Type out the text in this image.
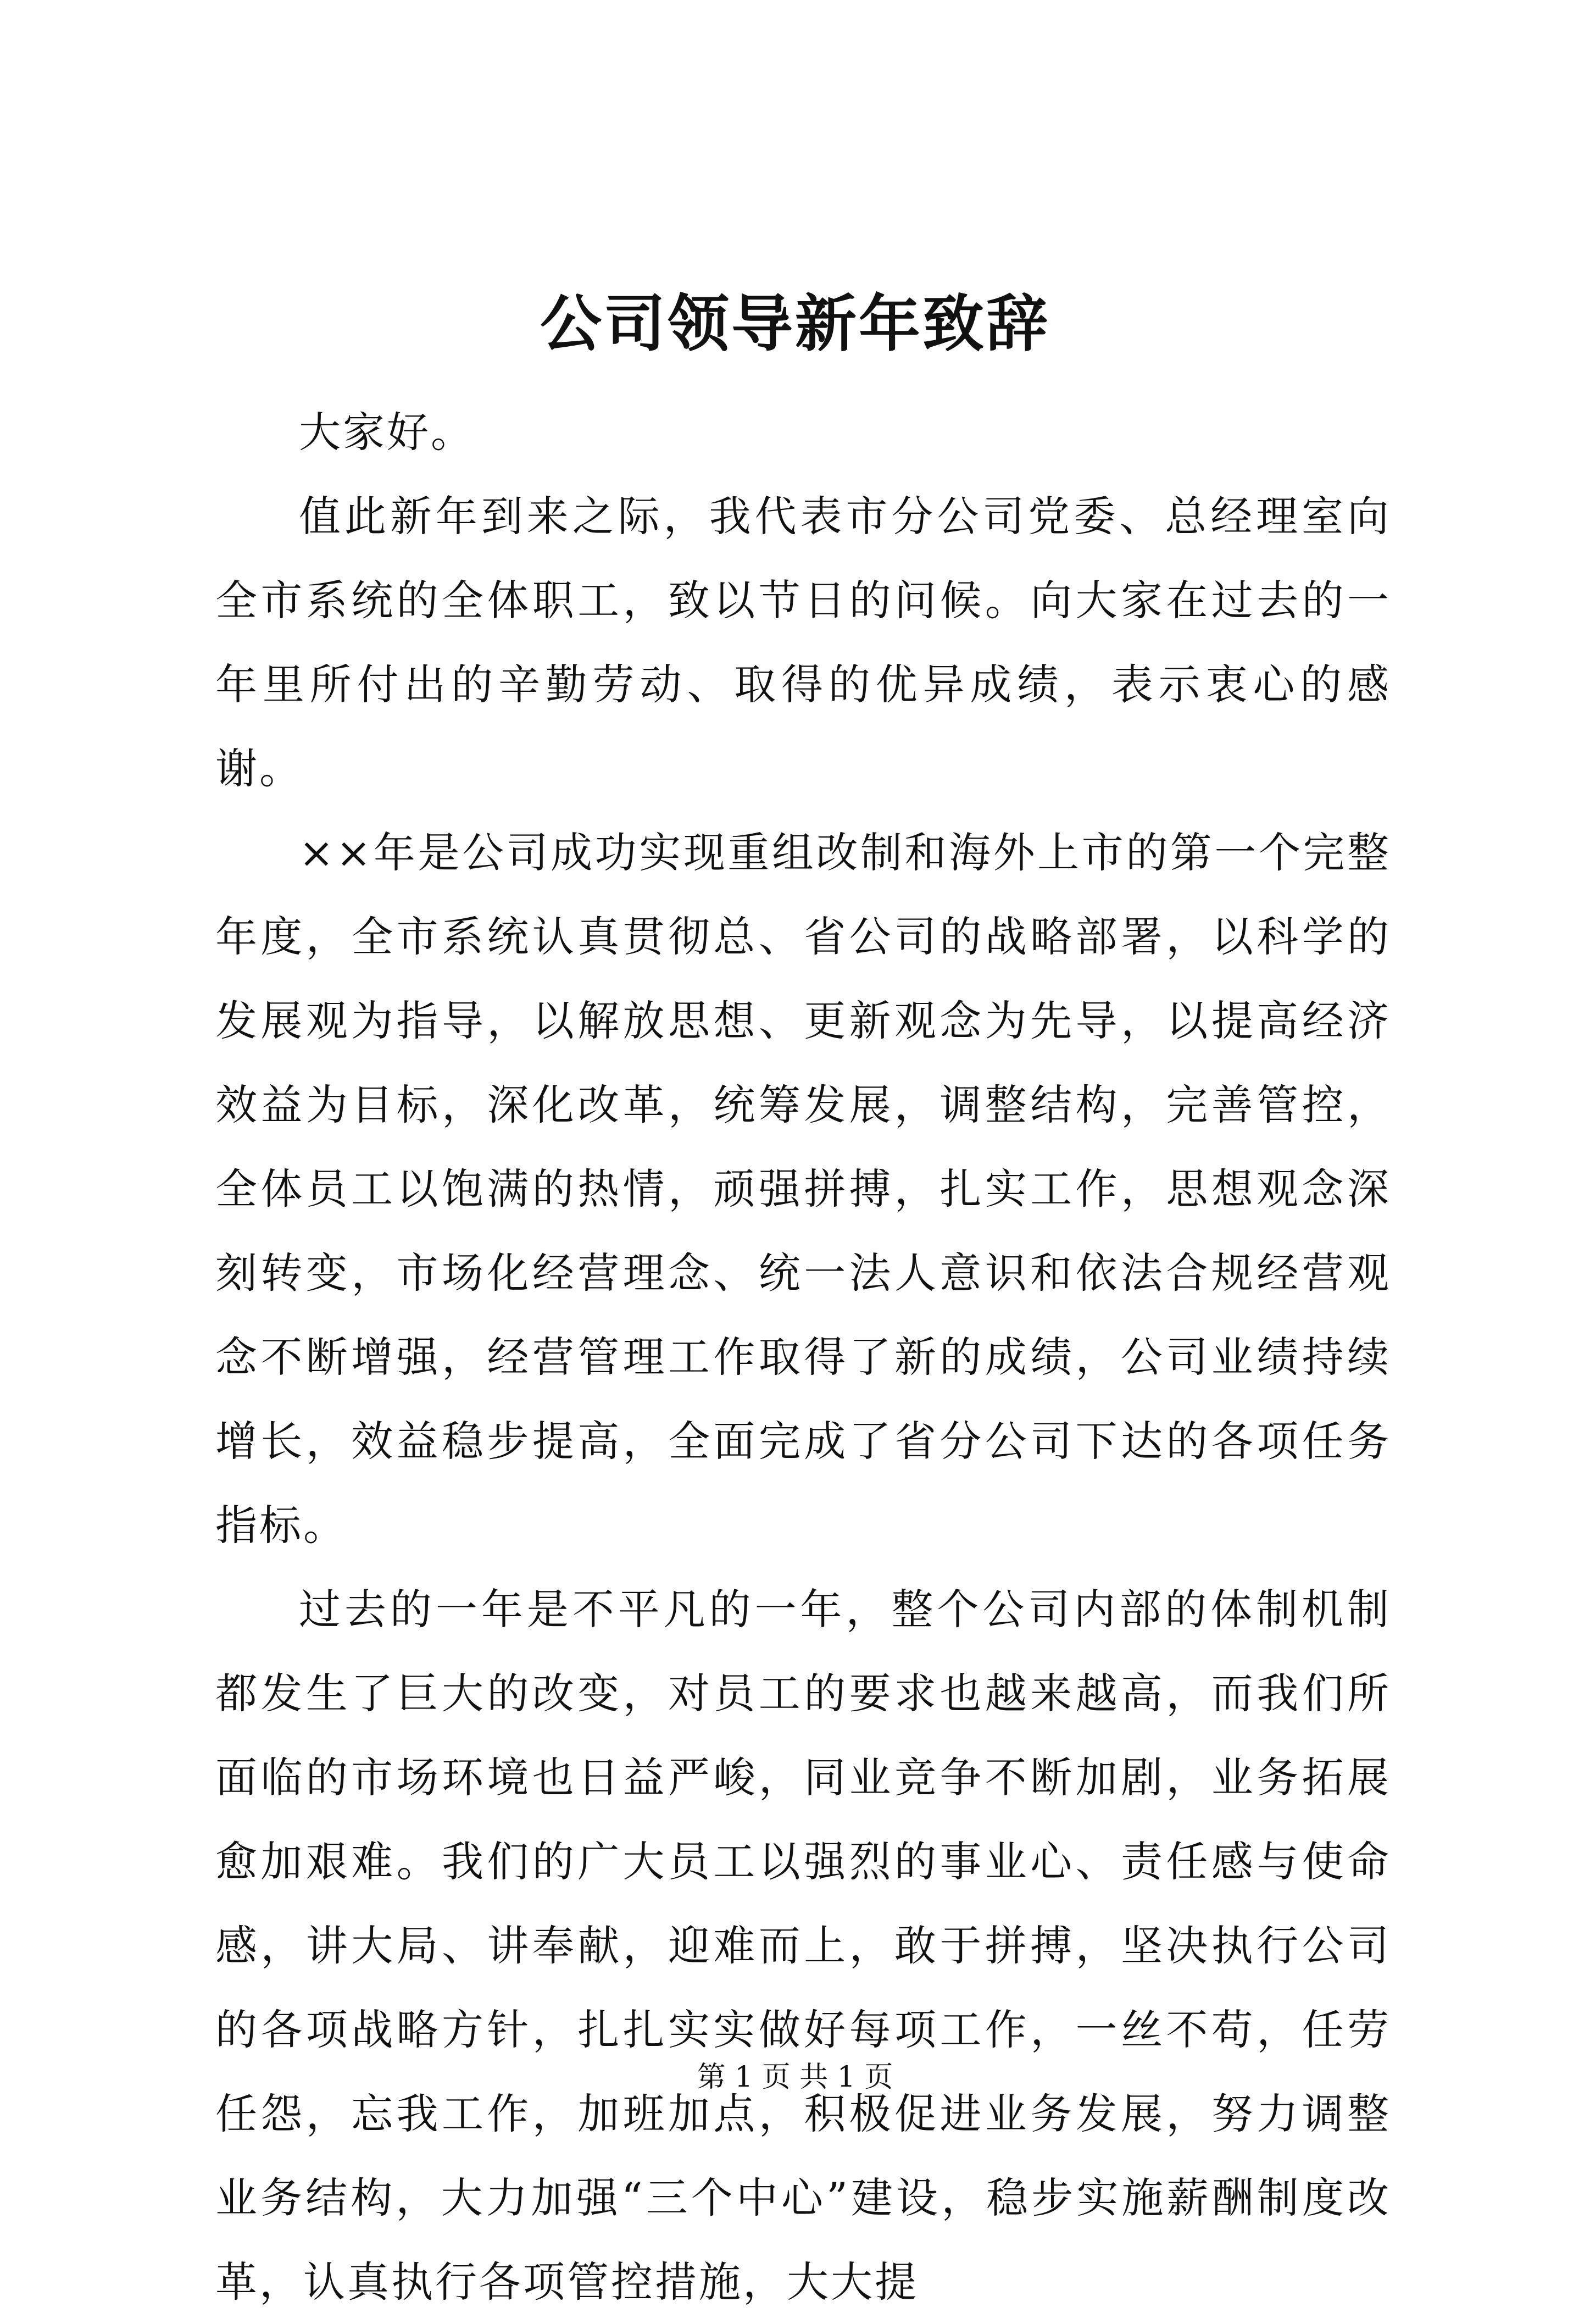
公司领导新年致辞

大家好。

值此新年到来之际，我代表市分公司党委、总经理室向全市系统的全体职工，致以节日的问候。向大家在过去的一年里所付出的辛勤劳动、取得的优异成绩，表示衷心的感谢。

××年是公司成功实现重组改制和海外上市的第一个完整年度，全市系统认真贯彻总、省公司的战略部署，以科学的发展观为指导，以解放思想、更新观念为先导，以提高经济效益为目标，深化改革，统筹发展，调整结构，完善管控，全体员工以饱满的热情，顽强拼搏，扎实工作，思想观念深刻转变，市场化经营理念、统一法人意识和依法合规经营观念不断增强，经营管理工作取得了新的成绩，公司业绩持续增长，效益稳步提高，全面完成了省分公司下达的各项任务指标。

过去的一年是不平凡的一年，整个公司内部的体制机制都发生了巨大的改变，对员工的要求也越来越高，而我们所面临的市场环境也日益严峻，同业竞争不断加剧，业务拓展愈加艰难。我们的广大员工以强烈的事业心、责任感与使命感，讲大局、讲奉献，迎难而上，敢于拼搏，坚决执行公司的各项战略方针，扎扎实实做好每项工作，一丝不苟，任劳任怨，忘我工作，加班加点，积极促进业务发展，努力调整业务结构，大力加强“三个中心”建设，稳步实施薪酬制度改革，认真执行各项管控措施，大大提

第 1 页 共 1 页
